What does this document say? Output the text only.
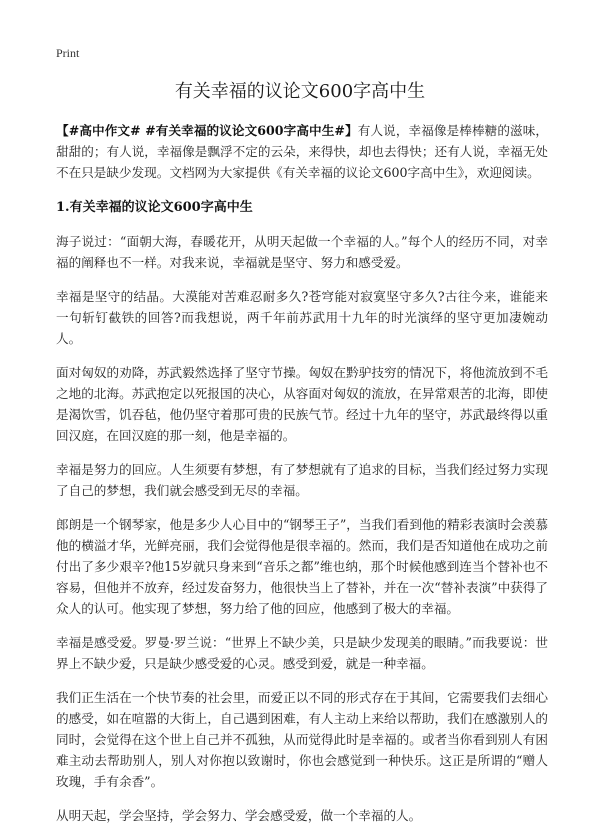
Print
有关幸福的议论文600字高中生

【#高中作文# #有关幸福的议论文600字高中生#】有人说，幸福像是棒棒糖的滋味，甜甜的；有人说，幸福像是飘浮不定的云朵，来得快，却也去得快；还有人说，幸福无处不在只是缺少发现。文档网为大家提供《有关幸福的议论文600字高中生》，欢迎阅读。

1.有关幸福的议论文600字高中生

海子说过：“面朝大海，春暖花开，从明天起做一个幸福的人。”每个人的经历不同，对幸福的阐释也不一样。对我来说，幸福就是坚守、努力和感受爱。

幸福是坚守的结晶。大漠能对苦难忍耐多久?苍穹能对寂寞坚守多久?古往今来，谁能来一句斩钉截铁的回答?而我想说，两千年前苏武用十九年的时光演绎的坚守更加凄婉动人。

面对匈奴的劝降，苏武毅然选择了坚守节操。匈奴在黔驴技穷的情况下，将他流放到不毛之地的北海。苏武抱定以死报国的决心，从容面对匈奴的流放，在异常艰苦的北海，即使是渴饮雪，饥吞毡，他仍坚守着那可贵的民族气节。经过十九年的坚守，苏武最终得以重回汉庭，在回汉庭的那一刻，他是幸福的。

幸福是努力的回应。人生须要有梦想，有了梦想就有了追求的目标，当我们经过努力实现了自己的梦想，我们就会感受到无尽的幸福。

郎朗是一个钢琴家，他是多少人心目中的“钢琴王子”，当我们看到他的精彩表演时会羡慕他的横溢才华，光鲜亮丽，我们会觉得他是很幸福的。然而，我们是否知道他在成功之前付出了多少艰辛?他15岁就只身来到“音乐之都”维也纳，那个时候他感到连当个替补也不容易，但他并不放弃，经过发奋努力，他很快当上了替补，并在一次“替补表演”中获得了众人的认可。他实现了梦想，努力给了他的回应，他感到了极大的幸福。

幸福是感受爱。罗曼·罗兰说：“世界上不缺少美，只是缺少发现美的眼睛。”而我要说：世界上不缺少爱，只是缺少感受爱的心灵。感受到爱，就是一种幸福。

我们正生活在一个快节奏的社会里，而爱正以不同的形式存在于其间，它需要我们去细心的感受，如在喧嚣的大街上，自己遇到困难，有人主动上来给以帮助，我们在感激别人的同时，会觉得在这个世上自己并不孤独，从而觉得此时是幸福的。或者当你看到别人有困难主动去帮助别人，别人对你抱以致谢时，你也会感觉到一种快乐。这正是所谓的“赠人玫瑰，手有余香”。

从明天起，学会坚持，学会努力、学会感受爱，做一个幸福的人。
